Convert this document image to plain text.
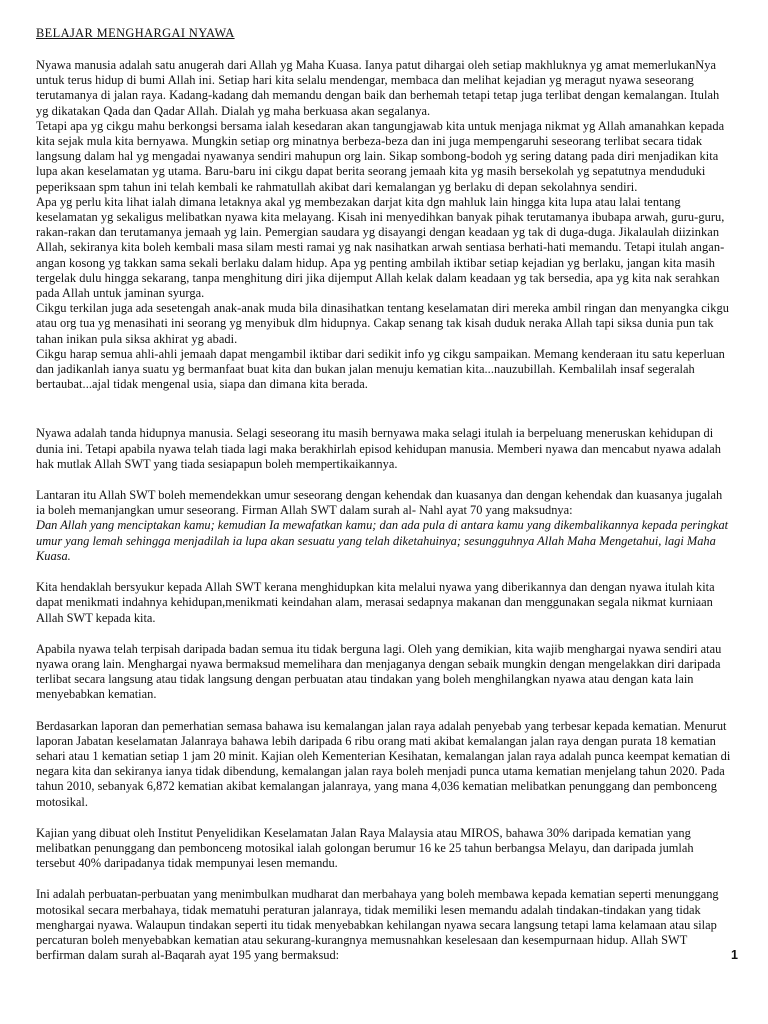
BELAJAR MENGHARGAI NYAWA

Nyawa manusia adalah satu anugerah dari Allah yg Maha Kuasa. Ianya patut dihargai oleh setiap makhluknya yg amat memerlukanNya untuk terus hidup di bumi Allah ini. Setiap hari kita selalu mendengar, membaca dan melihat kejadian yg meragut nyawa seseorang terutamanya di jalan raya. Kadang-kadang dah memandu dengan baik dan berhemah tetapi tetap juga terlibat dengan kemalangan. Itulah yg dikatakan Qada dan Qadar Allah. Dialah yg maha berkuasa akan segalanya.

Tetapi apa yg cikgu mahu berkongsi bersama ialah kesedaran akan tangungjawab kita untuk menjaga nikmat yg Allah amanahkan kepada kita sejak mula kita bernyawa. Mungkin setiap org minatnya berbeza-beza dan ini juga mempengaruhi seseorang terlibat secara tidak langsung dalam hal yg mengadai nyawanya sendiri mahupun org lain. Sikap sombong-bodoh yg sering datang pada diri menjadikan kita lupa akan keselamatan yg utama. Baru-baru ini cikgu dapat berita seorang jemaah kita yg masih bersekolah yg sepatutnya menduduki peperiksaan spm tahun ini telah kembali ke rahmatullah akibat dari kemalangan yg berlaku di depan sekolahnya sendiri.

Apa yg perlu kita lihat ialah dimana letaknya akal yg membezakan darjat kita dgn mahluk lain hingga kita lupa atau lalai tentang keselamatan yg sekaligus melibatkan nyawa kita melayang. Kisah ini menyedihkan banyak pihak terutamanya ibubapa arwah, guru-guru, rakan-rakan dan terutamanya jemaah yg lain. Pemergian saudara yg disayangi dengan keadaan yg tak di duga-duga. Jikalaulah diizinkan Allah, sekiranya kita boleh kembali masa silam mesti ramai yg nak nasihatkan arwah sentiasa berhati-hati memandu. Tetapi itulah angan-angan kosong yg takkan sama sekali berlaku dalam hidup. Apa yg penting ambilah iktibar setiap kejadian yg berlaku, jangan kita masih tergelak dulu hingga sekarang, tanpa menghitung diri jika dijemput Allah kelak dalam keadaan yg tak bersedia, apa yg kita nak serahkan pada Allah untuk jaminan syurga.

Cikgu terkilan juga ada sesetengah anak-anak muda bila dinasihatkan tentang keselamatan diri mereka ambil ringan dan menyangka cikgu atau org tua yg menasihati ini seorang yg menyibuk dlm hidupnya. Cakap senang tak kisah duduk neraka Allah tapi siksa dunia pun tak tahan inikan pula siksa akhirat yg abadi.

Cikgu harap semua ahli-ahli jemaah dapat mengambil iktibar dari sedikit info yg cikgu sampaikan. Memang kenderaan itu satu keperluan dan jadikanlah ianya suatu yg bermanfaat buat kita dan bukan jalan menuju kematian kita...nauzubillah. Kembalilah insaf segeralah bertaubat...ajal tidak mengenal usia, siapa dan dimana kita berada.

Nyawa adalah tanda hidupnya manusia. Selagi seseorang itu masih bernyawa maka selagi itulah ia berpeluang meneruskan kehidupan di dunia ini. Tetapi apabila nyawa telah tiada lagi maka berakhirlah episod kehidupan manusia. Memberi nyawa dan mencabut nyawa adalah hak mutlak Allah SWT yang tiada sesiapapun boleh mempertikaikannya.

Lantaran itu Allah SWT boleh memendekkan umur seseorang dengan kehendak dan kuasanya dan dengan kehendak dan kuasanya jugalah ia boleh memanjangkan umur seseorang. Firman Allah SWT dalam surah al- Nahl ayat 70 yang maksudnya:
Dan Allah yang menciptakan kamu; kemudian Ia mewafatkan kamu; dan ada pula di antara kamu yang dikembalikannya kepada peringkat umur yang lemah sehingga menjadilah ia lupa akan sesuatu yang telah diketahuinya; sesungguhnya Allah Maha Mengetahui, lagi Maha Kuasa.

Kita hendaklah bersyukur kepada Allah SWT kerana menghidupkan kita melalui nyawa yang diberikannya dan dengan nyawa itulah kita dapat menikmati indahnya kehidupan,menikmati keindahan alam, merasai sedapnya makanan dan menggunakan segala nikmat kurniaan Allah SWT kepada kita.

Apabila nyawa telah terpisah daripada badan semua itu tidak berguna lagi. Oleh yang demikian, kita wajib menghargai nyawa sendiri atau nyawa orang lain. Menghargai nyawa bermaksud memelihara dan menjaganya dengan sebaik mungkin dengan mengelakkan diri daripada terlibat secara langsung atau tidak langsung dengan perbuatan atau tindakan yang boleh menghilangkan nyawa atau dengan kata lain menyebabkan kematian.

Berdasarkan laporan dan pemerhatian semasa bahawa isu kemalangan jalan raya adalah penyebab yang terbesar kepada kematian. Menurut laporan Jabatan keselamatan Jalanraya bahawa lebih daripada 6 ribu orang mati akibat kemalangan jalan raya dengan purata 18 kematian sehari atau 1 kematian setiap 1 jam 20 minit. Kajian oleh Kementerian Kesihatan, kemalangan jalan raya adalah punca keempat kematian di negara kita dan sekiranya ianya tidak dibendung, kemalangan jalan raya boleh menjadi punca utama kematian menjelang tahun 2020. Pada tahun 2010, sebanyak 6,872 kematian akibat kemalangan jalanraya, yang mana 4,036 kematian melibatkan penunggang dan pembonceng motosikal.

Kajian yang dibuat oleh Institut Penyelidikan Keselamatan Jalan Raya Malaysia atau MIROS, bahawa 30% daripada kematian yang melibatkan penunggang dan pembonceng motosikal ialah golongan berumur 16 ke 25 tahun berbangsa Melayu, dan daripada jumlah tersebut 40% daripadanya tidak mempunyai lesen memandu.

Ini adalah perbuatan-perbuatan yang menimbulkan mudharat dan merbahaya yang boleh membawa kepada kematian seperti menunggang motosikal secara merbahaya, tidak mematuhi peraturan jalanraya, tidak memiliki lesen memandu adalah tindakan-tindakan yang tidak menghargai nyawa. Walaupun tindakan seperti itu tidak menyebabkan kehilangan nyawa secara langsung tetapi lama kelamaan atau silap percaturan boleh menyebabkan kematian atau sekurang-kurangnya memusnahkan keselesaan dan kesempurnaan hidup. Allah SWT berfirman dalam surah al-Baqarah ayat 195 yang bermaksud:	1
